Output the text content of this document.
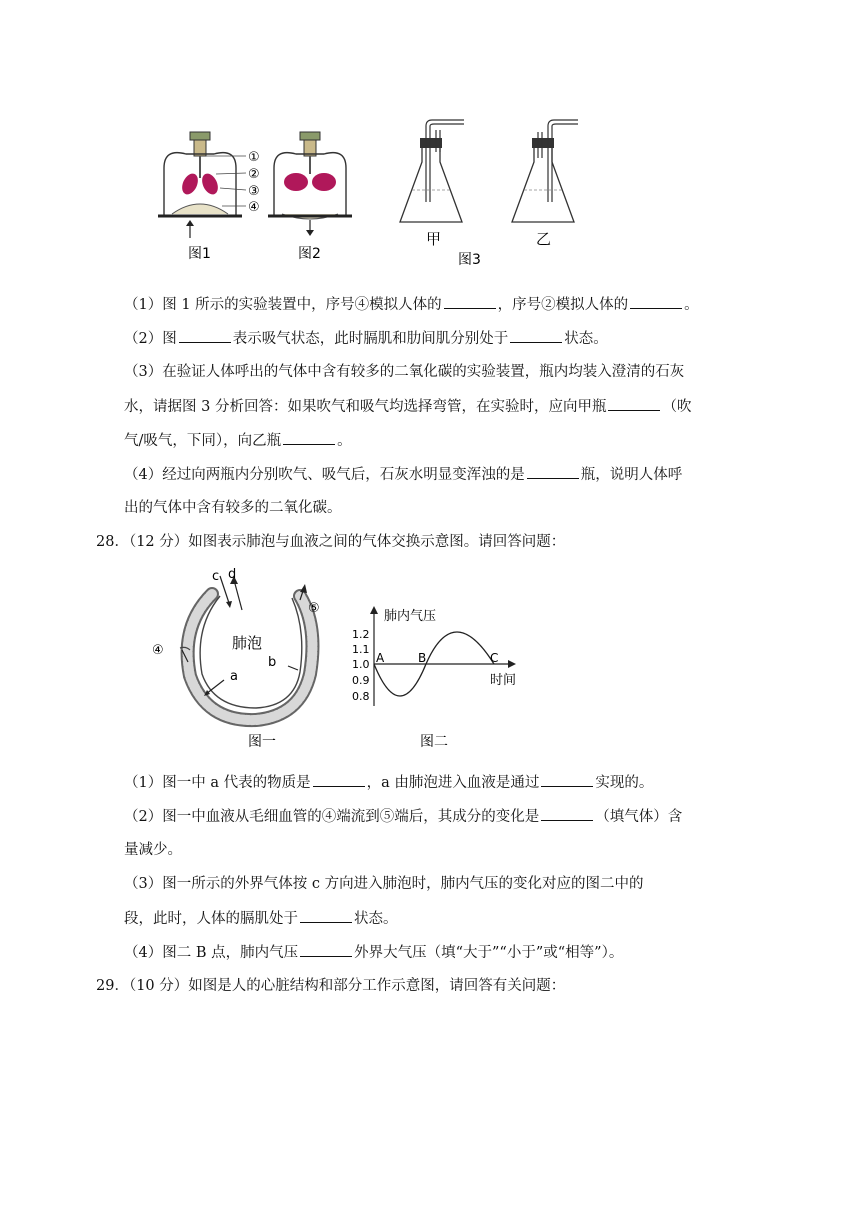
①
②
③
④
图1	图2
甲	乙
图3
（1）图 1 所示的实验装置中，序号④模拟人体的	，序号②模拟人体的	。
（2）图	表示吸气状态，此时膈肌和肋间肌分别处于	状态。
（3）在验证人体呼出的气体中含有较多的二氧化碳的实验装置，瓶内均装入澄清的石灰
水，请据图 3 分析回答：如果吹气和吸气均选择弯管，在实验时，应向甲瓶	（吹
气/吸气，下同），向乙瓶	。
（4）经过向两瓶内分别吹气、吸气后，石灰水明显变浑浊的是	瓶，说明人体呼
出的气体中含有较多的二氧化碳。
28．（12 分）如图表示肺泡与血液之间的气体交换示意图。请回答问题：
c d
肺泡
a
b
④
⑤
图一
肺内气压
时间
1.2
1.1
1.0
0.9
0.8
A	B	C
图二
（1）图一中 a 代表的物质是	，a 由肺泡进入血液是通过	实现的。
（2）图一中血液从毛细血管的④端流到⑤端后，其成分的变化是	（填气体）含
量减少。
（3）图一所示的外界气体按 c 方向进入肺泡时，肺内气压的变化对应的图二中的
段，此时，人体的膈肌处于	状态。
（4）图二 B 点，肺内气压	外界大气压（填“大于”“小于”或“相等”）。
29．（10 分）如图是人的心脏结构和部分工作示意图，请回答有关问题：
